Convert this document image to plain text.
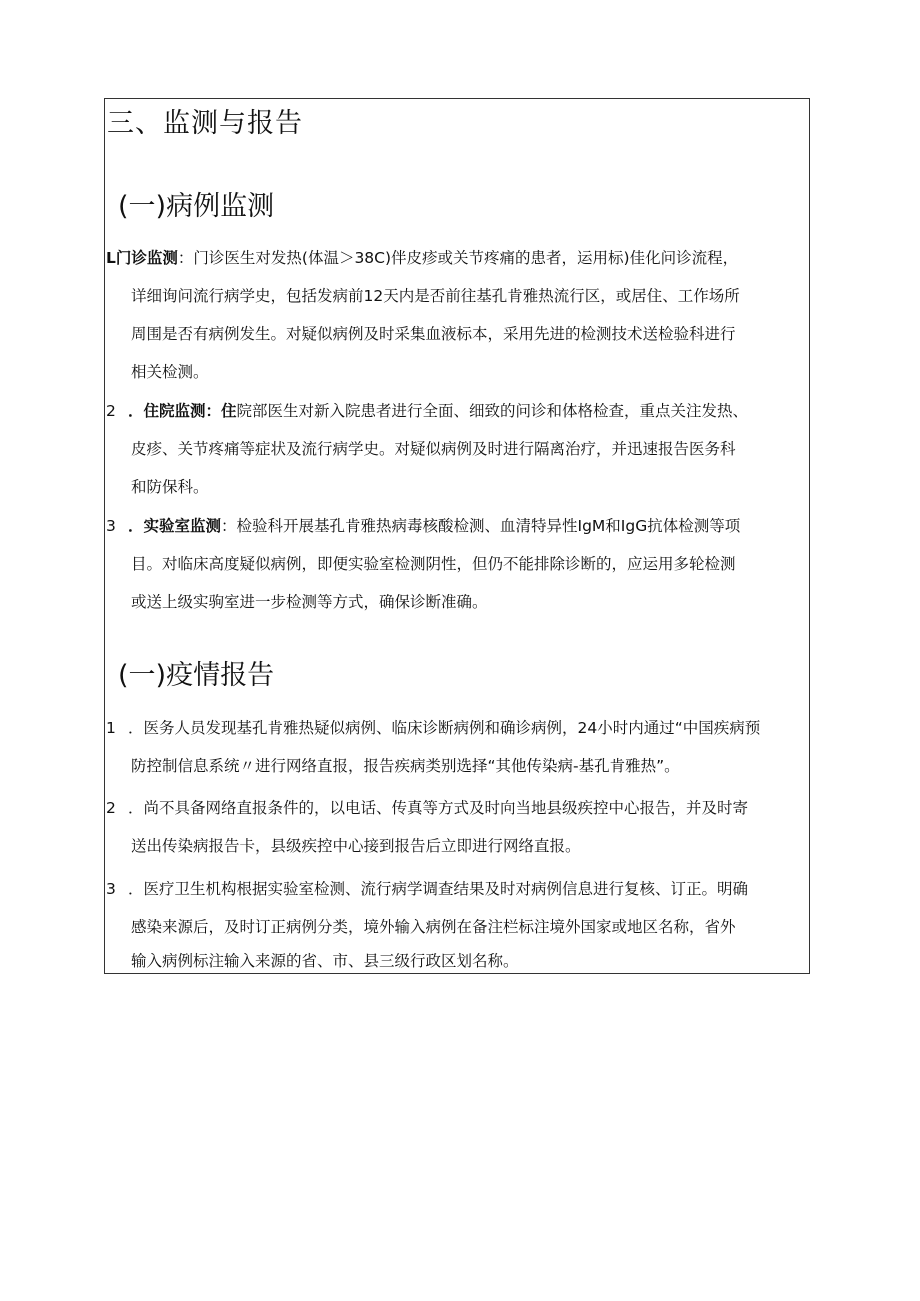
三、监测与报告
(一)病例监测
L门诊监测：门诊医生对发热(体温＞38C)伴皮疹或关节疼痛的患者，运用标)佳化问诊流程，
详细询问流行病学史，包括发病前12天内是否前往基孔肯雅热流行区，或居住、工作场所
周围是否有病例发生。对疑似病例及时采集血液标本，采用先进的检测技术送检验科进行
相关检测。
2 ．住院监测：住院部医生对新入院患者进行全面、细致的问诊和体格检查，重点关注发热、
皮疹、关节疼痛等症状及流行病学史。对疑似病例及时进行隔离治疗，并迅速报告医务科
和防保科。
3 ．实验室监测：检验科开展基孔肯雅热病毒核酸检测、血清特异性IgM和IgG抗体检测等项
目。对临床高度疑似病例，即便实验室检测阴性，但仍不能排除诊断的，应运用多轮检测
或送上级实驹室进一步检测等方式，确保诊断准确。
(一)疫情报告
1 ．医务人员发现基孔肯雅热疑似病例、临床诊断病例和确诊病例，24小时内通过“中国疾病预
防控制信息系统〃进行网络直报，报告疾病类别选择“其他传染病-基孔肯雅热”。
2 ．尚不具备网络直报条件的，以电话、传真等方式及时向当地县级疾控中心报告，并及时寄
送出传染病报告卡，县级疾控中心接到报告后立即进行网络直报。
3 ．医疗卫生机构根据实验室检测、流行病学调查结果及时对病例信息进行复核、订正。明确
感染来源后，及时订正病例分类，境外输入病例在备注栏标注境外国家或地区名称，省外
输入病例标注输入来源的省、市、县三级行政区划名称。
